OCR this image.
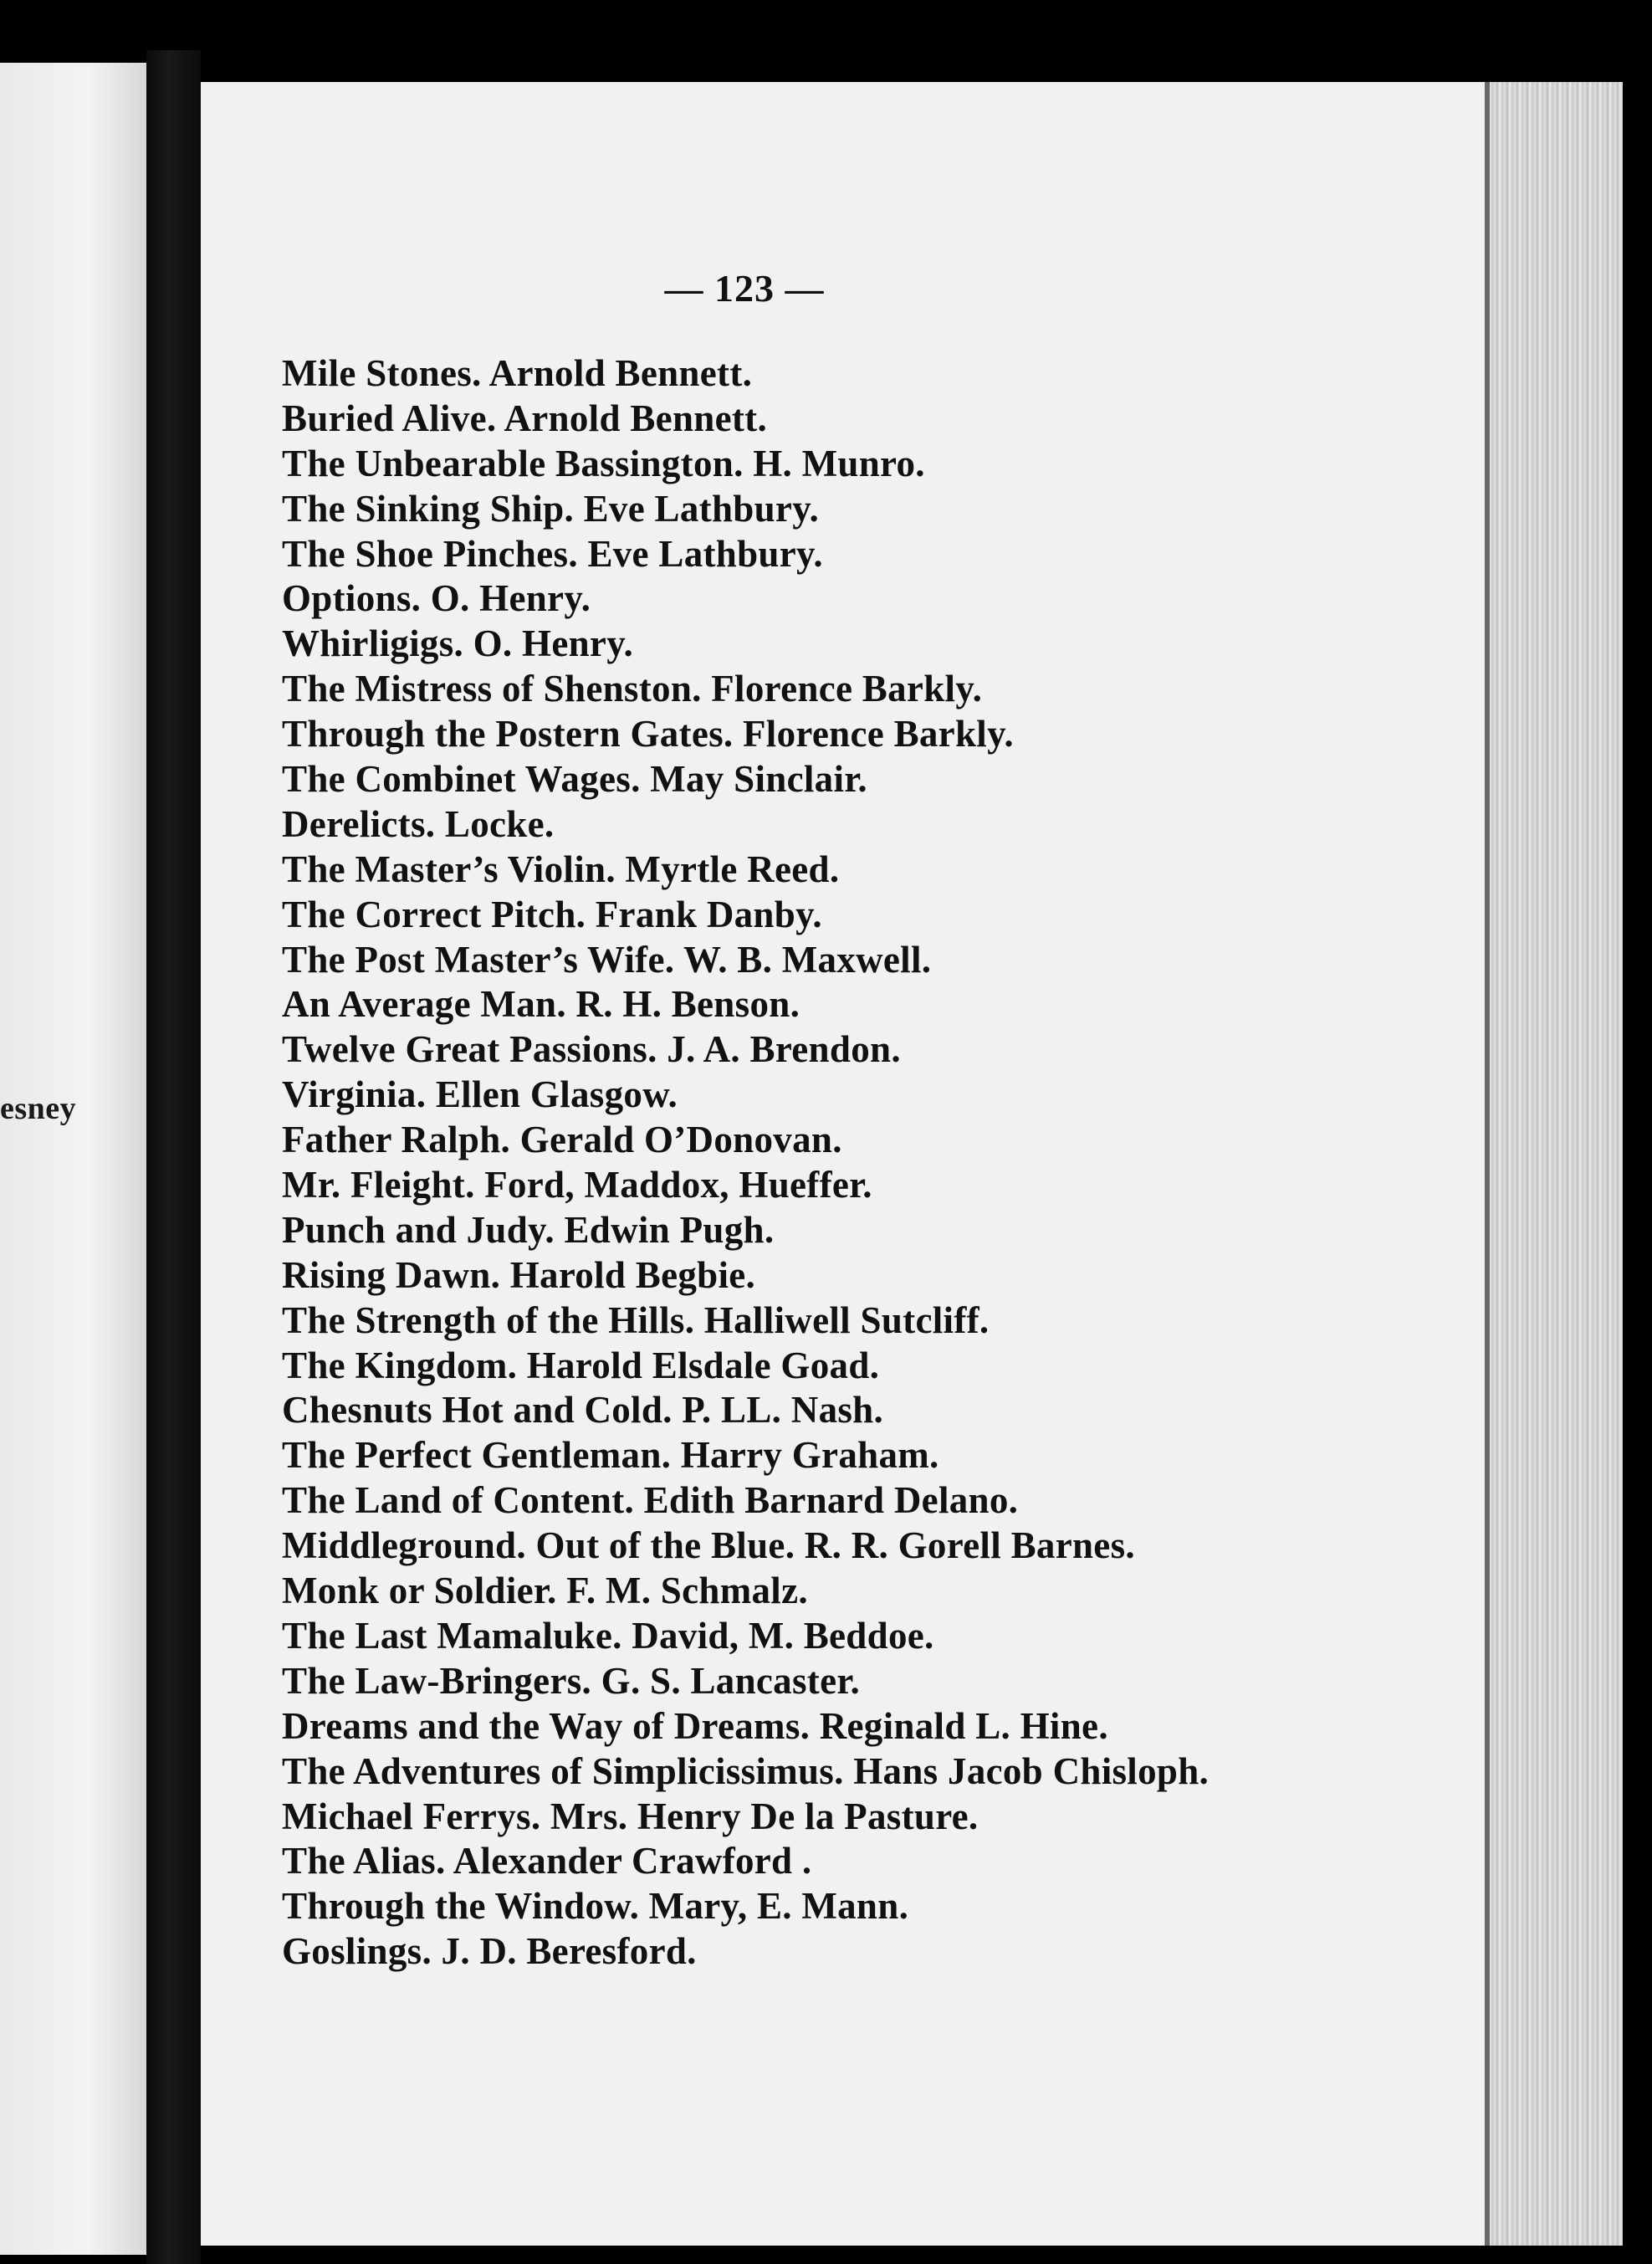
esney
— 123 —
Mile Stones. Arnold Bennett.
Buried Alive. Arnold Bennett.
The Unbearable Bassington. H. Munro.
The Sinking Ship. Eve Lathbury.
The Shoe Pinches. Eve Lathbury.
Options. O. Henry.
Whirligigs. O. Henry.
The Mistress of Shenston. Florence Barkly.
Through the Postern Gates. Florence Barkly.
The Combinet Wages. May Sinclair.
Derelicts. Locke.
The Master’s Violin. Myrtle Reed.
The Correct Pitch. Frank Danby.
The Post Master’s Wife. W. B. Maxwell.
An Average Man. R. H. Benson.
Twelve Great Passions. J. A. Brendon.
Virginia. Ellen Glasgow.
Father Ralph. Gerald O’Donovan.
Mr. Fleight. Ford, Maddox, Hueffer.
Punch and Judy. Edwin Pugh.
Rising Dawn. Harold Begbie.
The Strength of the Hills. Halliwell Sutcliff.
The Kingdom. Harold Elsdale Goad.
Chesnuts Hot and Cold. P. LL. Nash.
The Perfect Gentleman. Harry Graham.
The Land of Content. Edith Barnard Delano.
Middleground. Out of the Blue. R. R. Gorell Barnes.
Monk or Soldier. F. M. Schmalz.
The Last Mamaluke. David, M. Beddoe.
The Law-Bringers. G. S. Lancaster.
Dreams and the Way of Dreams. Reginald L. Hine.
The Adventures of Simplicissimus. Hans Jacob Chisloph.
Michael Ferrys. Mrs. Henry De la Pasture.
The Alias. Alexander Crawford .
Through the Window. Mary, E. Mann.
Goslings. J. D. Beresford.
